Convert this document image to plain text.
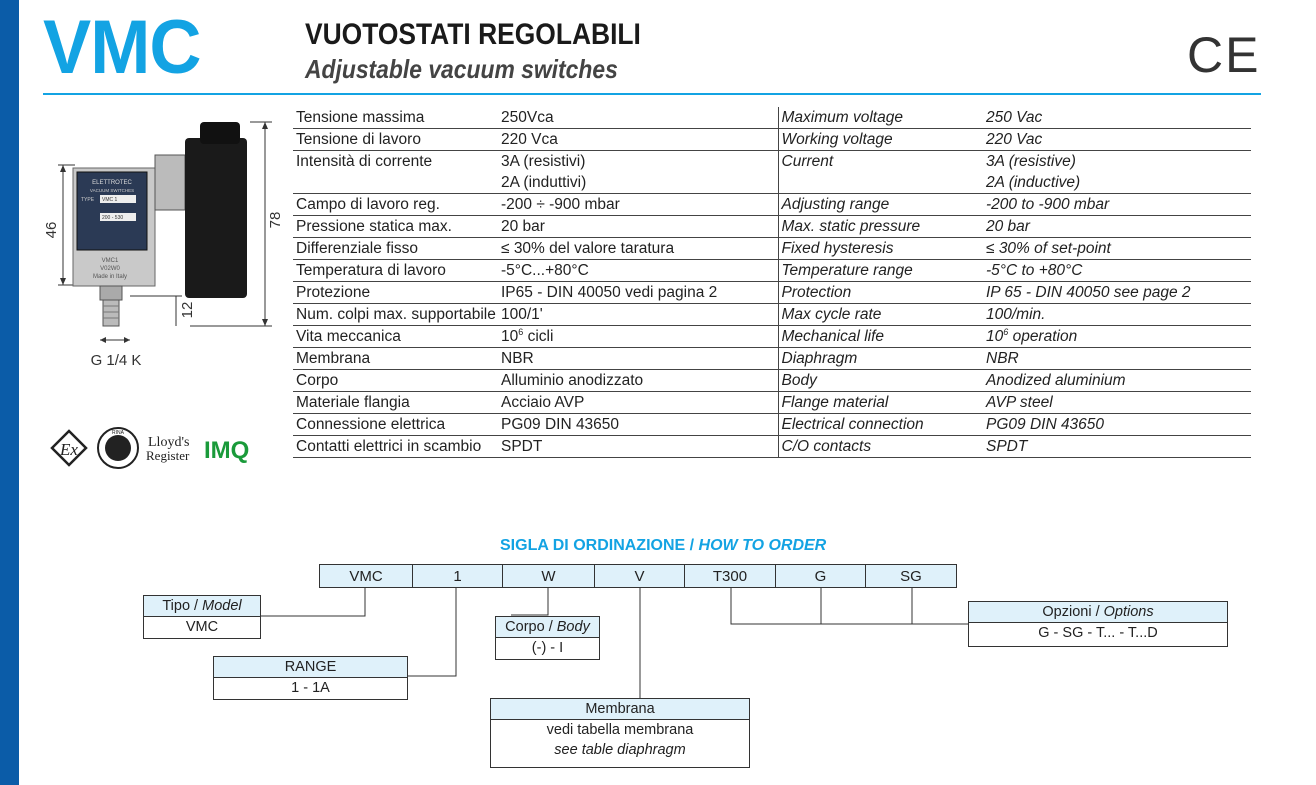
VMC	VUOTOSTATI REGOLABILI
Adjustable vacuum switches	CE
46
78
12
ELETTROTEC
VACUUM SWITCHES
TYPE VMC 1
200 - 530
VMC1
V02W0
Made in Italy
G 1/4 K
Ex
RINA
Lloyd's
Register IMQ
Tensione massima	250Vca	Maximum voltage	250 Vac
Tensione di lavoro	220 Vca	Working voltage	220 Vac
Intensità di corrente	3A (resistivi)	Current	3A (resistive)
	2A (induttivi)		2A (inductive)
Campo di lavoro reg.	-200 ÷ -900 mbar	Adjusting range	-200 to -900 mbar
Pressione statica max.	20 bar	Max. static pressure	20 bar
Differenziale fisso	≤ 30% del valore taratura	Fixed hysteresis	≤ 30% of set-point
Temperatura di lavoro	-5°C...+80°C	Temperature range	-5°C to +80°C
Protezione	IP65 - DIN 40050 vedi pagina 2	Protection	IP 65 - DIN 40050 see page 2
Num. colpi max. supportabile	100/1'	Max cycle rate	100/min.
Vita meccanica	$10^6$ cicli	Mechanical life	$10^6$ operation
Membrana	NBR	Diaphragm	NBR
Corpo	Alluminio anodizzato	Body	Anodized aluminium
Materiale flangia	Acciaio AVP	Flange material	AVP steel
Connessione elettrica	PG09 DIN 43650	Electrical connection	PG09 DIN 43650
Contatti elettrici in scambio	SPDT	C/O contacts	SPDT
SIGLA DI ORDINAZIONE / HOW TO ORDER
VMC	1	W	V	T300	G	SG
Tipo / Model
VMC
RANGE
1 - 1A
Corpo / Body
(-) - I
Membrana
vedi tabella membrana
see table diaphragm
Opzioni / Options
G - SG - T... - T...D
